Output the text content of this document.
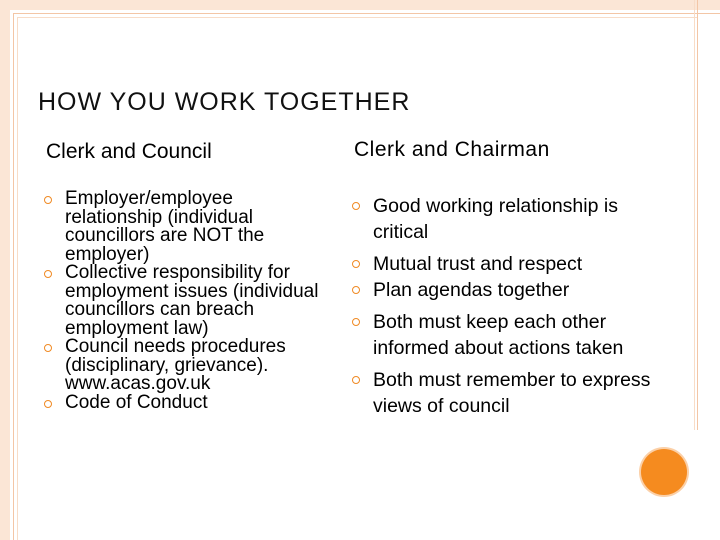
HOW YOU WORK TOGETHER
Clerk and Council	Clerk and Chairman
Employer/employee relationship (individual councillors are NOT the employer)
Collective responsibility for employment issues (individual councillors can breach employment law)
Council needs procedures (disciplinary, grievance). www.acas.gov.uk
Code of Conduct
Good working relationship is critical
Mutual trust and respect
Plan agendas together
Both must keep each other informed about actions taken
Both must remember to express views of council
